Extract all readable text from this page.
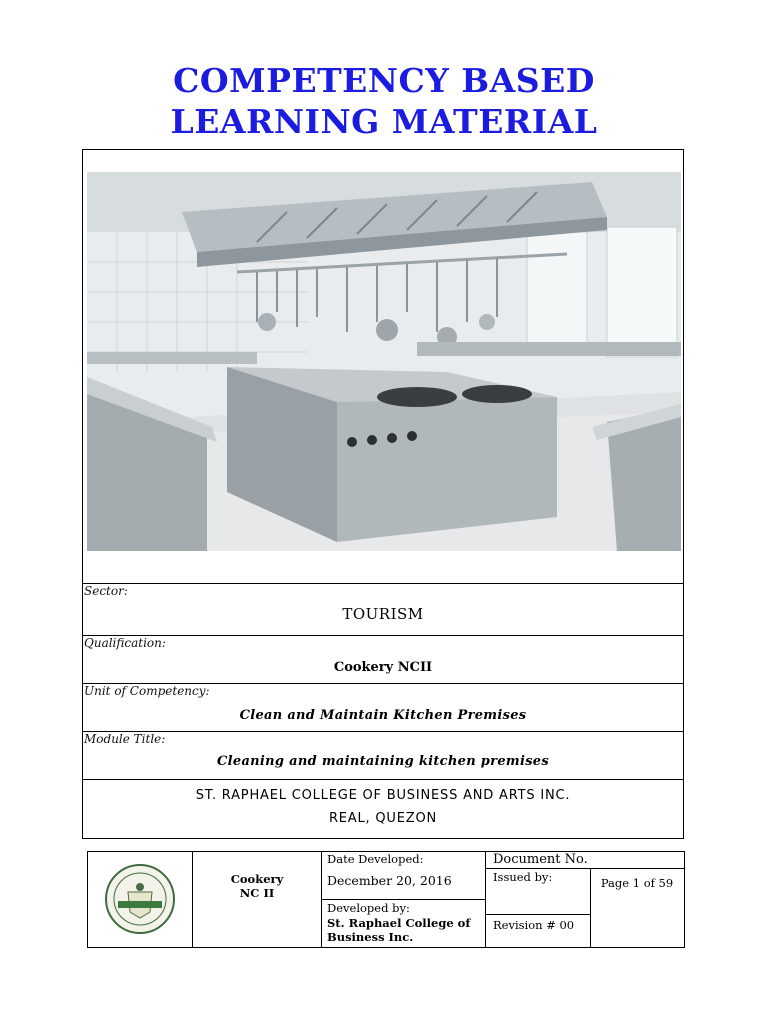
COMPETENCY BASED
LEARNING MATERIAL
Sector:
TOURISM
Qualification:
Cookery NCII
Unit of Competency:
Clean and Maintain Kitchen Premises
Module Title:
Cleaning and maintaining kitchen premises
ST. RAPHAEL COLLEGE OF BUSINESS AND ARTS INC.
REAL, QUEZON
Cookery
NC II
Date Developed:
December 20, 2016
Developed by:
St. Raphael College of
Business Inc.
Document No.
Issued by:
Revision # 00
Page 1 of 59
